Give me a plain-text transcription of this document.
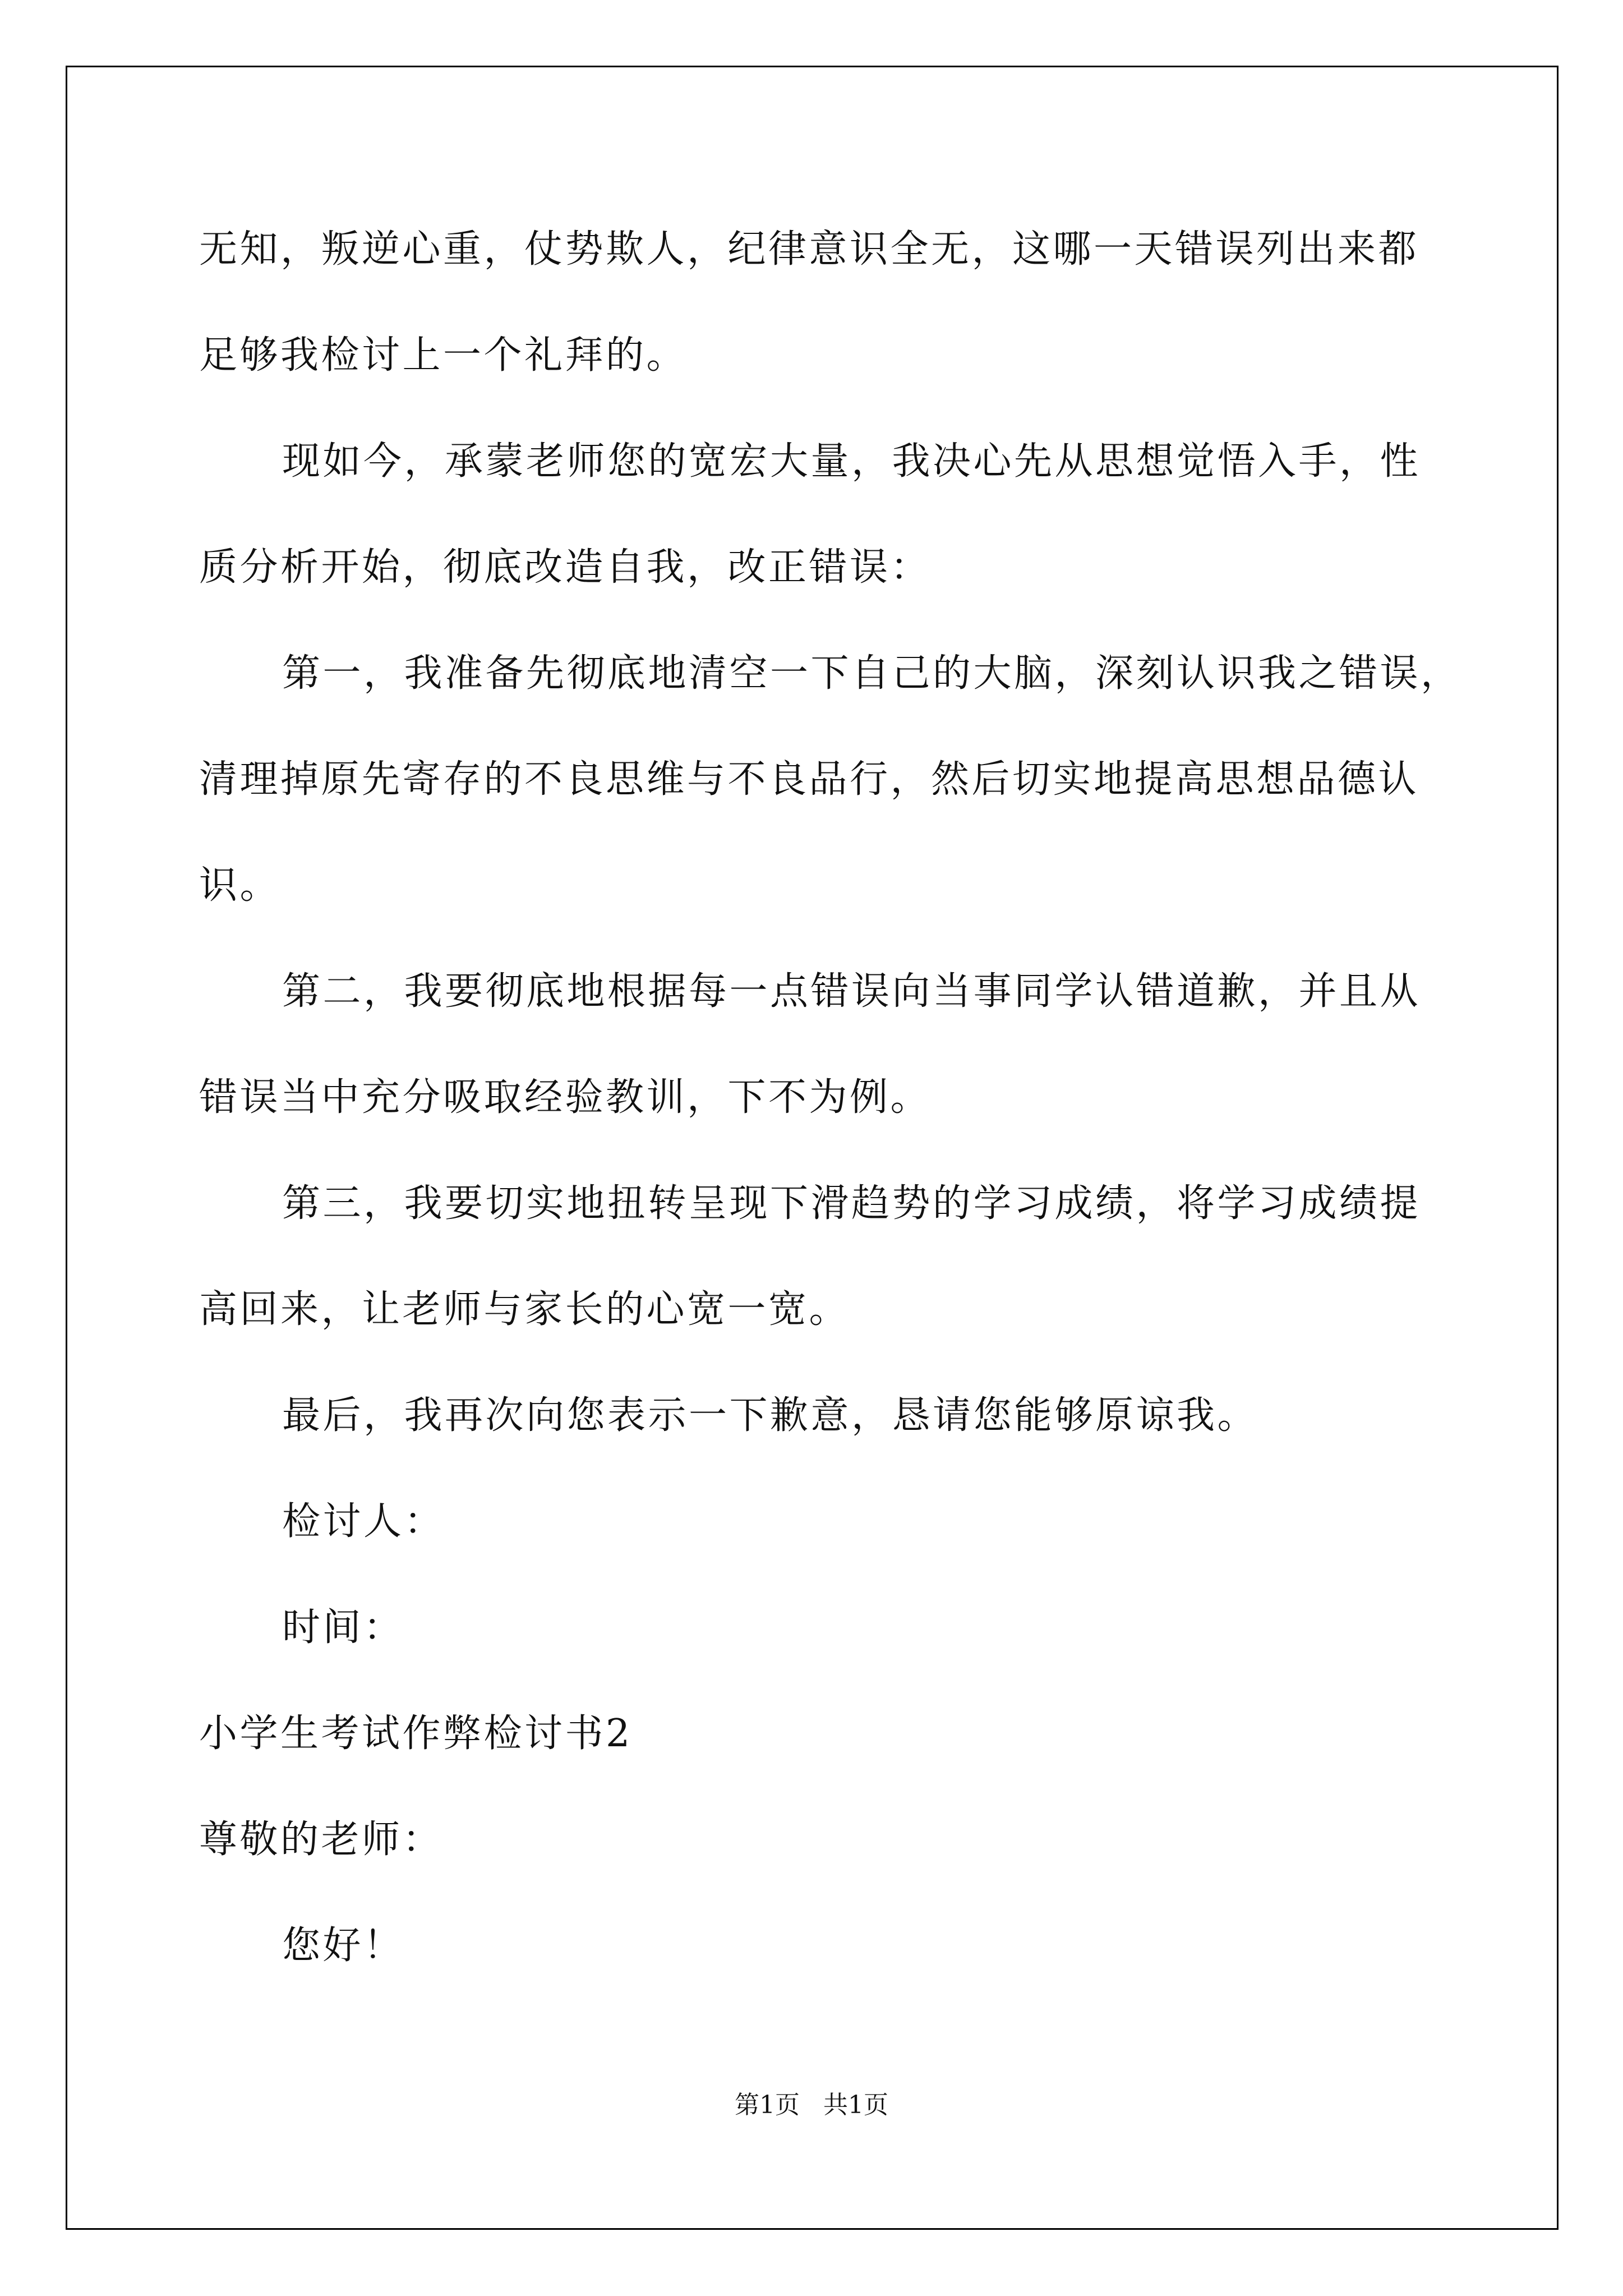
无知，叛逆心重，仗势欺人，纪律意识全无，这哪一天错误列出来都
足够我检讨上一个礼拜的。
现如今，承蒙老师您的宽宏大量，我决心先从思想觉悟入手，性
质分析开始，彻底改造自我，改正错误：
第一，我准备先彻底地清空一下自己的大脑，深刻认识我之错误，
清理掉原先寄存的不良思维与不良品行，然后切实地提高思想品德认
识。
第二，我要彻底地根据每一点错误向当事同学认错道歉，并且从
错误当中充分吸取经验教训，下不为例。
第三，我要切实地扭转呈现下滑趋势的学习成绩，将学习成绩提
高回来，让老师与家长的心宽一宽。
最后，我再次向您表示一下歉意，恳请您能够原谅我。
检讨人：
时间：
小学生考试作弊检讨书2
尊敬的老师：
您好！
第1页   共1页
